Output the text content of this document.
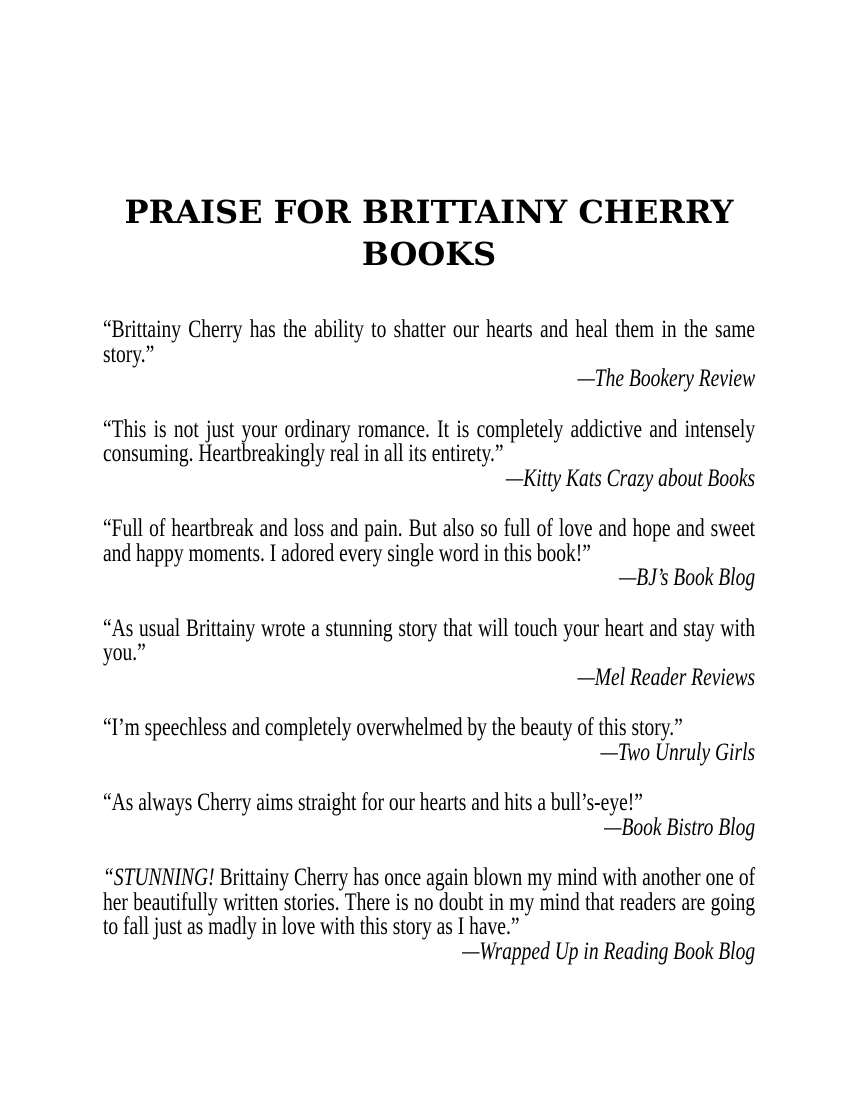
PRAISE FOR BRITTAINY CHERRY
BOOKS

“Brittainy Cherry has the ability to shatter our hearts and heal them in the same story.”

—The Bookery Review

“This is not just your ordinary romance. It is completely addictive and intensely consuming. Heartbreakingly real in all its entirety.”

—Kitty Kats Crazy about Books

“Full of heartbreak and loss and pain. But also so full of love and hope and sweet and happy moments. I adored every single word in this book!”

—BJ’s Book Blog

“As usual Brittainy wrote a stunning story that will touch your heart and stay with you.”

—Mel Reader Reviews

“I’m speechless and completely overwhelmed by the beauty of this story.”

—Two Unruly Girls

“As always Cherry aims straight for our hearts and hits a bull’s-eye!”

—Book Bistro Blog

“STUNNING! Brittainy Cherry has once again blown my mind with another one of her beautifully written stories. There is no doubt in my mind that readers are going to fall just as madly in love with this story as I have.”

—Wrapped Up in Reading Book Blog
